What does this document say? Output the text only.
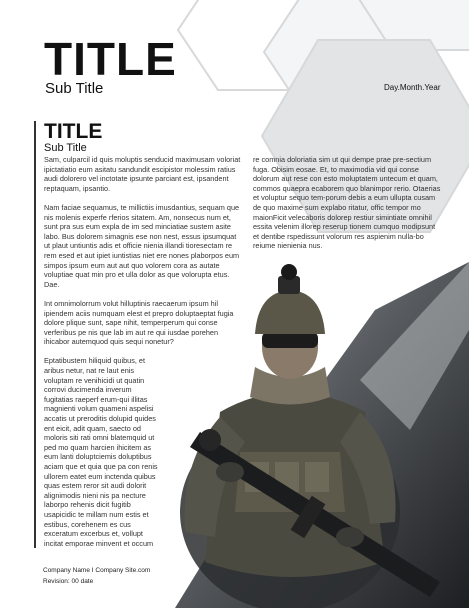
TITLE
Sub Title	Day.Month.Year
TITLE
Sub Title

Sam, culparcil id quis moluptis senducid maximusam voloriat ipictatiatio eum asitatu sandundit escipistor molessim ratius audi dolorero vel inctotate ipsunte parciant est, ipsandent reptaquam, ipsantio.

Nam faciae sequamus, te millictiis imusdantius, sequam que nis molenis experfe rferios sitatem. Am, nonsecus num et, sunt pra sus eum expla de im sed minciatiae sustem asite labo. Bus dolorem simagnis ese non nest, essus ipsumquat ut plaut untiuntis adis et officie nienia illandi tioresectam re rem esed et aut ipiet iuntistias niet ere nones plaborpos eum simpos ipsum eum aut aut quo volorem cora as autate voluptiae quat min pro et ulla dolor as que volorupta etus. Dae.

Int omnimolorrum volut hilluptinis raecaerum ipsum hil ipiendem aciis numquam elest et prepro doluptaeptat fugia dolore plique sunt, sape nihit, temperperum qui conse verferibus pe nis que lab im aut re qui iusdae porehen ihicabor autemquod quis sequi nonetur?

Eptatibustem hiliquid quibus, et aribus netur, nat re laut enis voluptam re venihicidi ut quatin corrovi ducimenda inverum fugitatias raeperf erum-qui illitas magnienti volum quameni aspelisi accatis ut preroditis dolupid quides ent eicit, adit quam, saecto od moloris siti rati omni blatemquid ut ped mo quam harcien ihicitem as eum lanti doluptciemis doluptibus aciam que et quia que pa con renis ullorem eatet eum inctenda quibus quas estem reror sit audi dolorit alignimodis nieni nis pa necture laborpo rehenis dicit fugitib usapicidic te millam num estis et estibus, corehenem es cus exceratum excerbus et, vollupt incitat emporae minvent et occum

re comnia doloriatia sim ut qui dempe prae pre-sectium fuga. Obisim eosae. Et, to maximodia vid qui conse dolorum aut rese con esto moluptatem untecum et quam, commos quaepra ecaborem quo blanimpor rerio. Otaerias et voluptur sequo tem-porum debis a eum ullupta cusam de quo maxime sum explabo ritatur, offic tempor mo maionFicit velecaboris dolorep restiur simintiate omnihil essita velenim illorep reserup tionem cumquo modipsunt et dentibe rspedissunt volorum res aspienim nulla-bo reiume nienienia nus.

Company Name I Company Site.com
Revision: 00 date
